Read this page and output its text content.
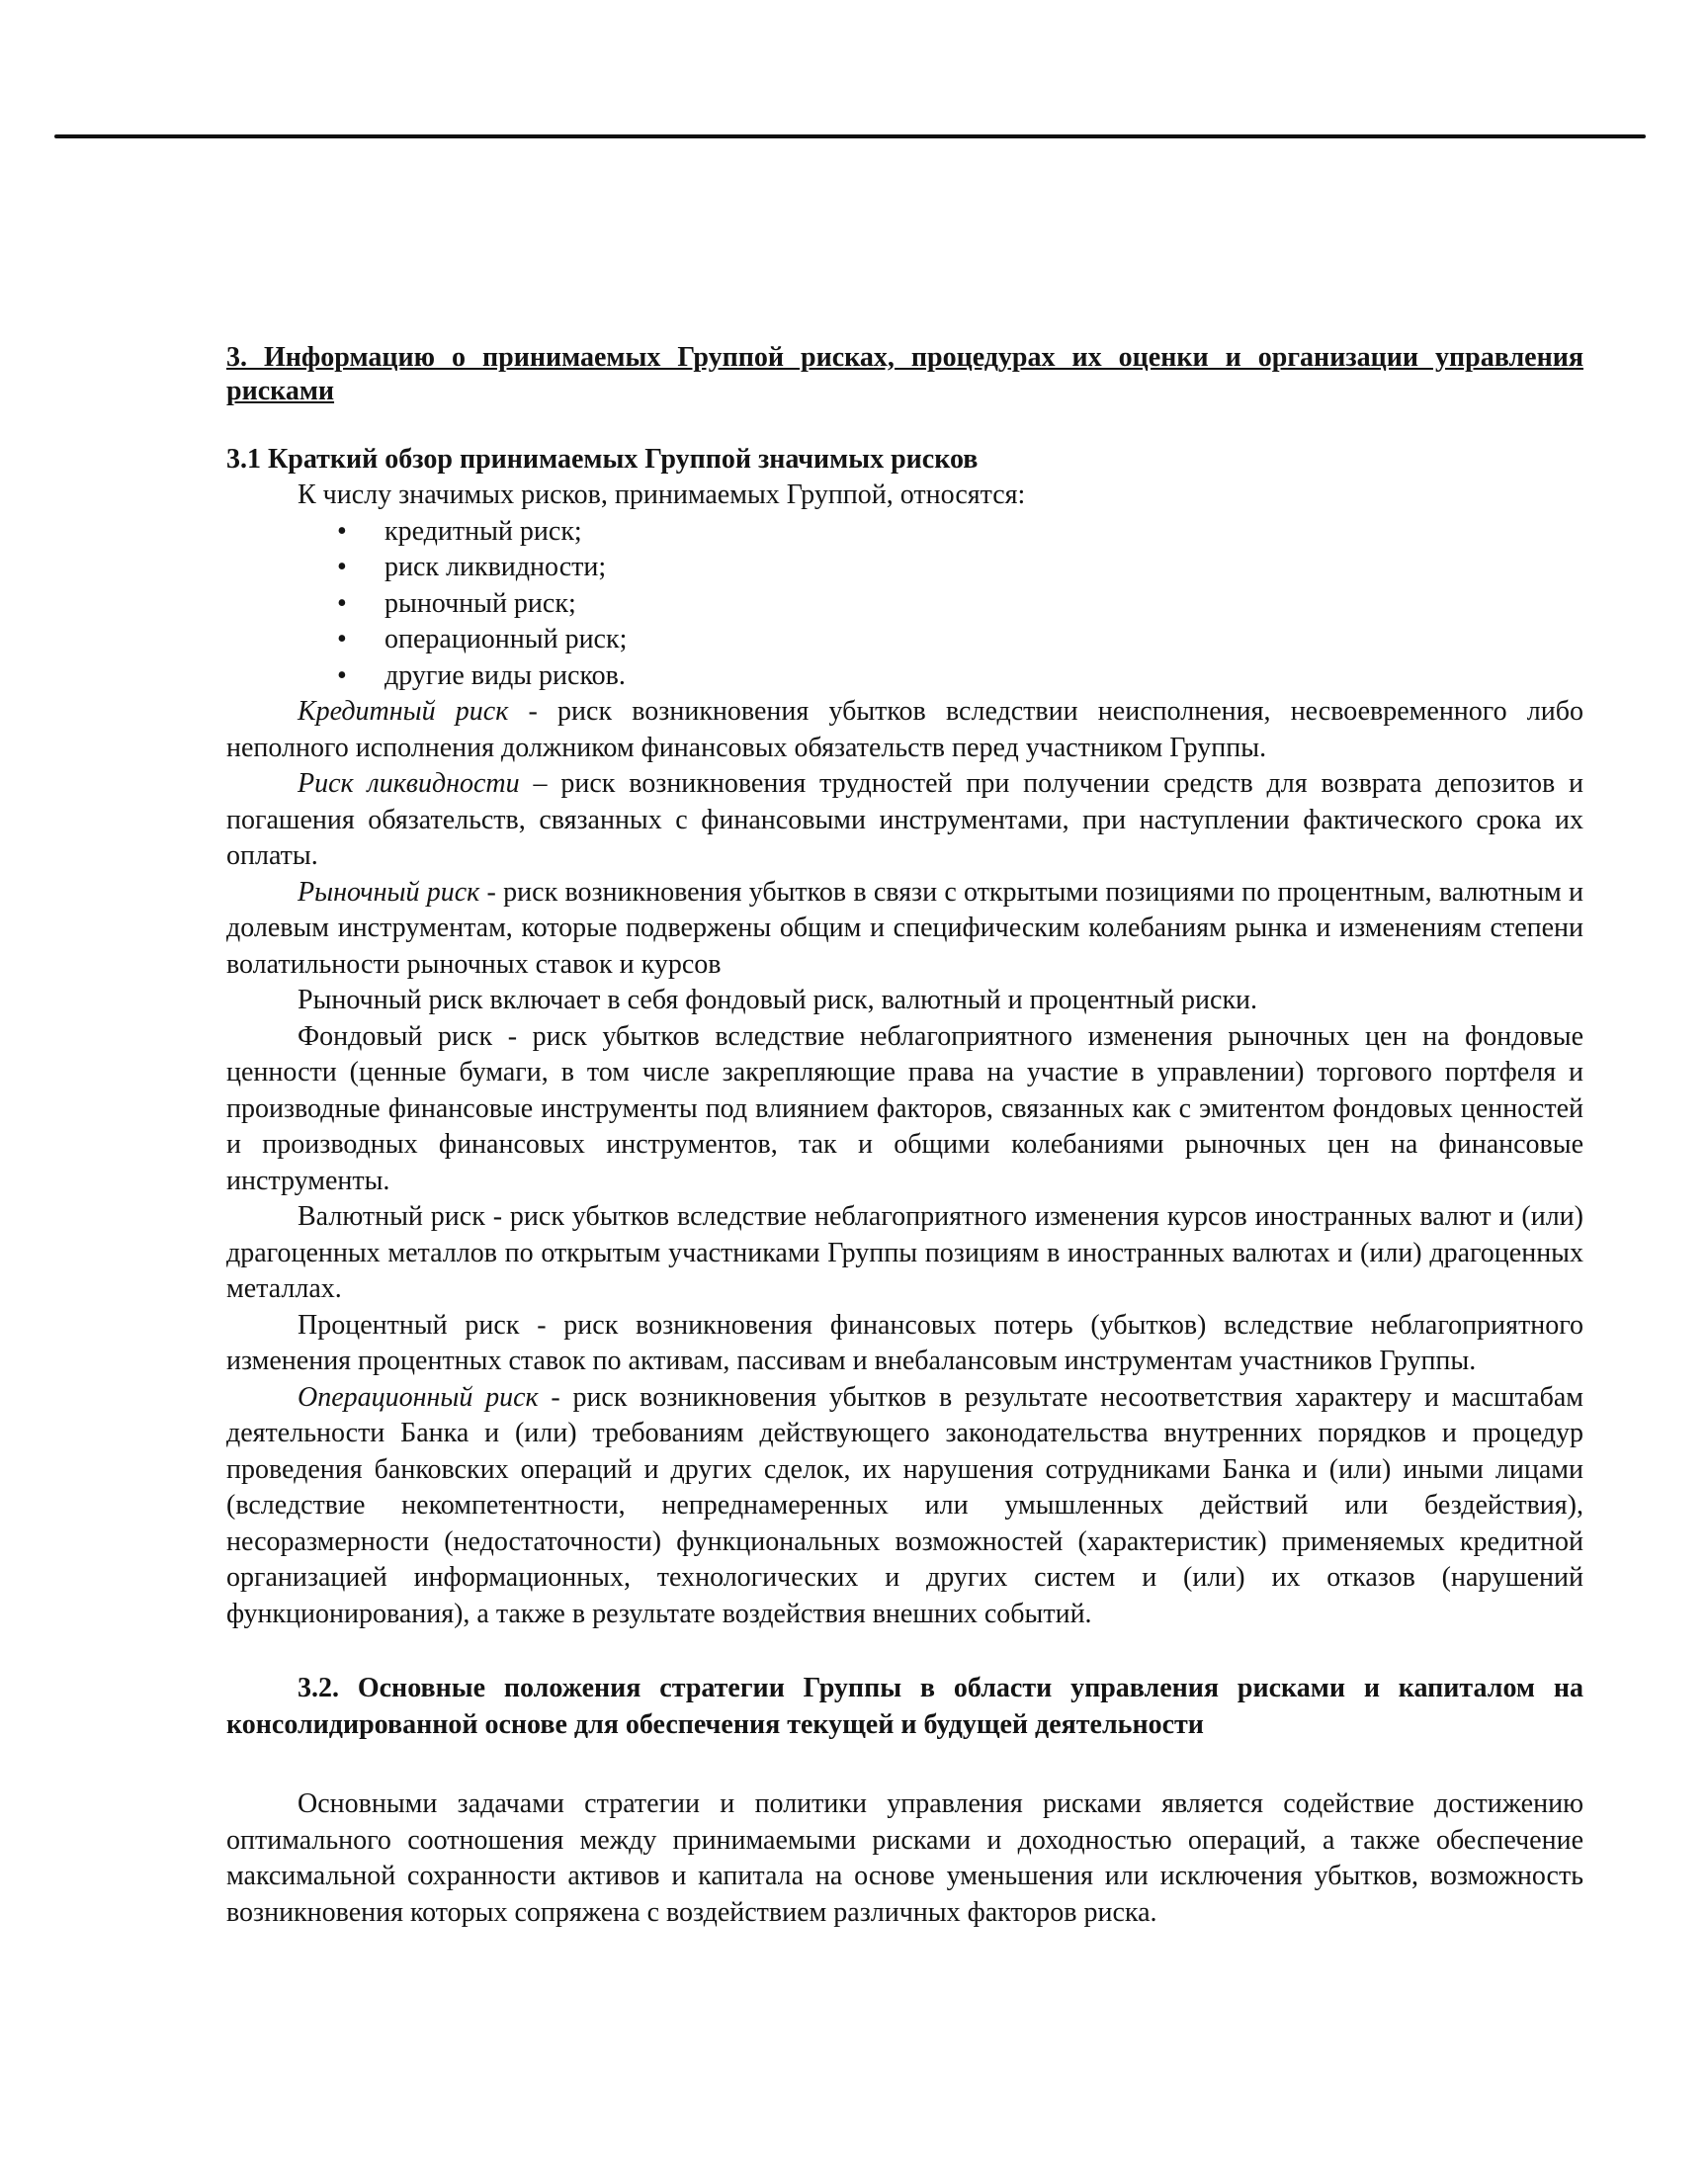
3. Информацию о принимаемых Группой рисках, процедурах их оценки и организации управления рисками

3.1 Краткий обзор принимаемых Группой значимых рисков

К числу значимых рисков, принимаемых Группой, относятся:

• кредитный риск;
• риск ликвидности;
• рыночный риск;
• операционный риск;
• другие виды рисков.

Кредитный риск - риск возникновения убытков вследствии неисполнения, несвоевременного либо неполного исполнения должником финансовых обязательств перед участником Группы.

Риск ликвидности – риск возникновения трудностей при получении средств для возврата депозитов и погашения обязательств, связанных с финансовыми инструментами, при наступлении фактического срока их оплаты.

Рыночный риск - риск возникновения убытков в связи с открытыми позициями по процентным, валютным и долевым инструментам, которые подвержены общим и специфическим колебаниям рынка и изменениям степени волатильности рыночных ставок и курсов

Рыночный риск включает в себя фондовый риск, валютный и процентный риски.

Фондовый риск - риск убытков вследствие неблагоприятного изменения рыночных цен на фондовые ценности (ценные бумаги, в том числе закрепляющие права на участие в управлении) торгового портфеля и производные финансовые инструменты под влиянием факторов, связанных как с эмитентом фондовых ценностей и производных финансовых инструментов, так и общими колебаниями рыночных цен на финансовые инструменты.

Валютный риск - риск убытков вследствие неблагоприятного изменения курсов иностранных валют и (или) драгоценных металлов по открытым участниками Группы позициям в иностранных валютах и (или) драгоценных металлах.

Процентный риск - риск возникновения финансовых потерь (убытков) вследствие неблагоприятного изменения процентных ставок по активам, пассивам и внебалансовым инструментам участников Группы.

Операционный риск - риск возникновения убытков в результате несоответствия характеру и масштабам деятельности Банка и (или) требованиям действующего законодательства внутренних порядков и процедур проведения банковских операций и других сделок, их нарушения сотрудниками Банка и (или) иными лицами (вследствие некомпетентности, непреднамеренных или умышленных действий или бездействия), несоразмерности (недостаточности) функциональных возможностей (характеристик) применяемых кредитной организацией информационных, технологических и других систем и (или) их отказов (нарушений функционирования), а также в результате воздействия внешних событий.

3.2. Основные положения стратегии Группы в области управления рисками и капиталом на консолидированной основе для обеспечения текущей и будущей деятельности

Основными задачами стратегии и политики управления рисками является содействие достижению оптимального соотношения между принимаемыми рисками и доходностью операций, а также обеспечение максимальной сохранности активов и капитала на основе уменьшения или исключения убытков, возможность возникновения которых сопряжена с воздействием различных факторов риска.
